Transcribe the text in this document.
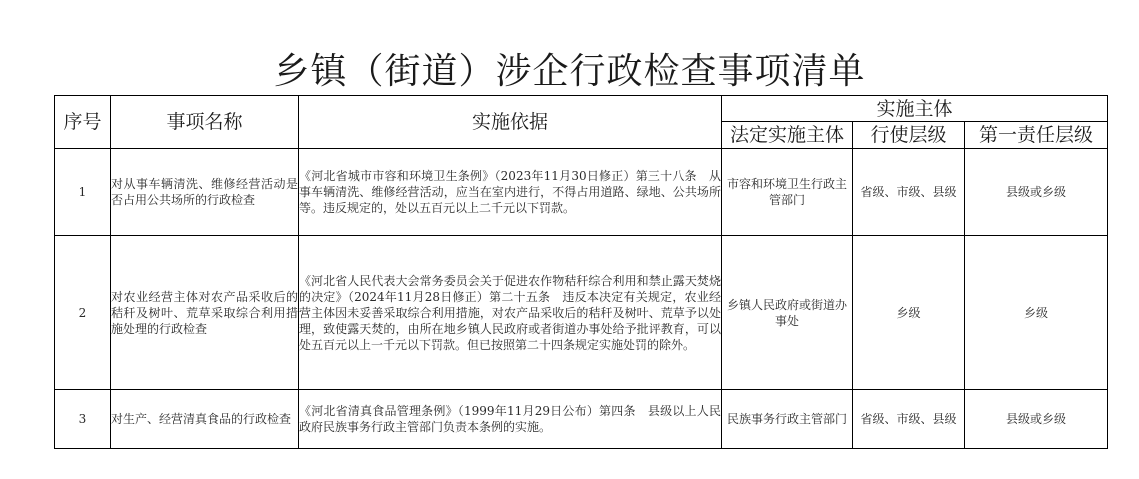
乡镇（街道）涉企行政检查事项清单
序号	事项名称	实施依据	实施主体		
			法定实施主体	行使层级	第一责任层级
1	对从事车辆清洗、维修经营活动是否占用公共场所的行政检查	《河北省城市市容和环境卫生条例》（2023年11月30日修正）第三十八条　从事车辆清洗、维修经营活动，应当在室内进行，不得占用道路、绿地、公共场所等。违反规定的，处以五百元以上二千元以下罚款。	市容和环境卫生行政主管部门	省级、市级、县级	县级或乡级
2	对农业经营主体对农产品采收后的秸秆及树叶、荒草采取综合利用措施处理的行政检查	《河北省人民代表大会常务委员会关于促进农作物秸秆综合利用和禁止露天焚烧的决定》（2024年11月28日修正）第二十五条　违反本决定有关规定，农业经营主体因未妥善采取综合利用措施，对农产品采收后的秸秆及树叶、荒草予以处理，致使露天焚的，由所在地乡镇人民政府或者街道办事处给予批评教育，可以处五百元以上一千元以下罚款。但已按照第二十四条规定实施处罚的除外。	乡镇人民政府或街道办事处	乡级	乡级
3	对生产、经营清真食品的行政检查	《河北省清真食品管理条例》（1999年11月29日公布）第四条　县级以上人民政府民族事务行政主管部门负责本条例的实施。	民族事务行政主管部门	省级、市级、县级	县级或乡级
